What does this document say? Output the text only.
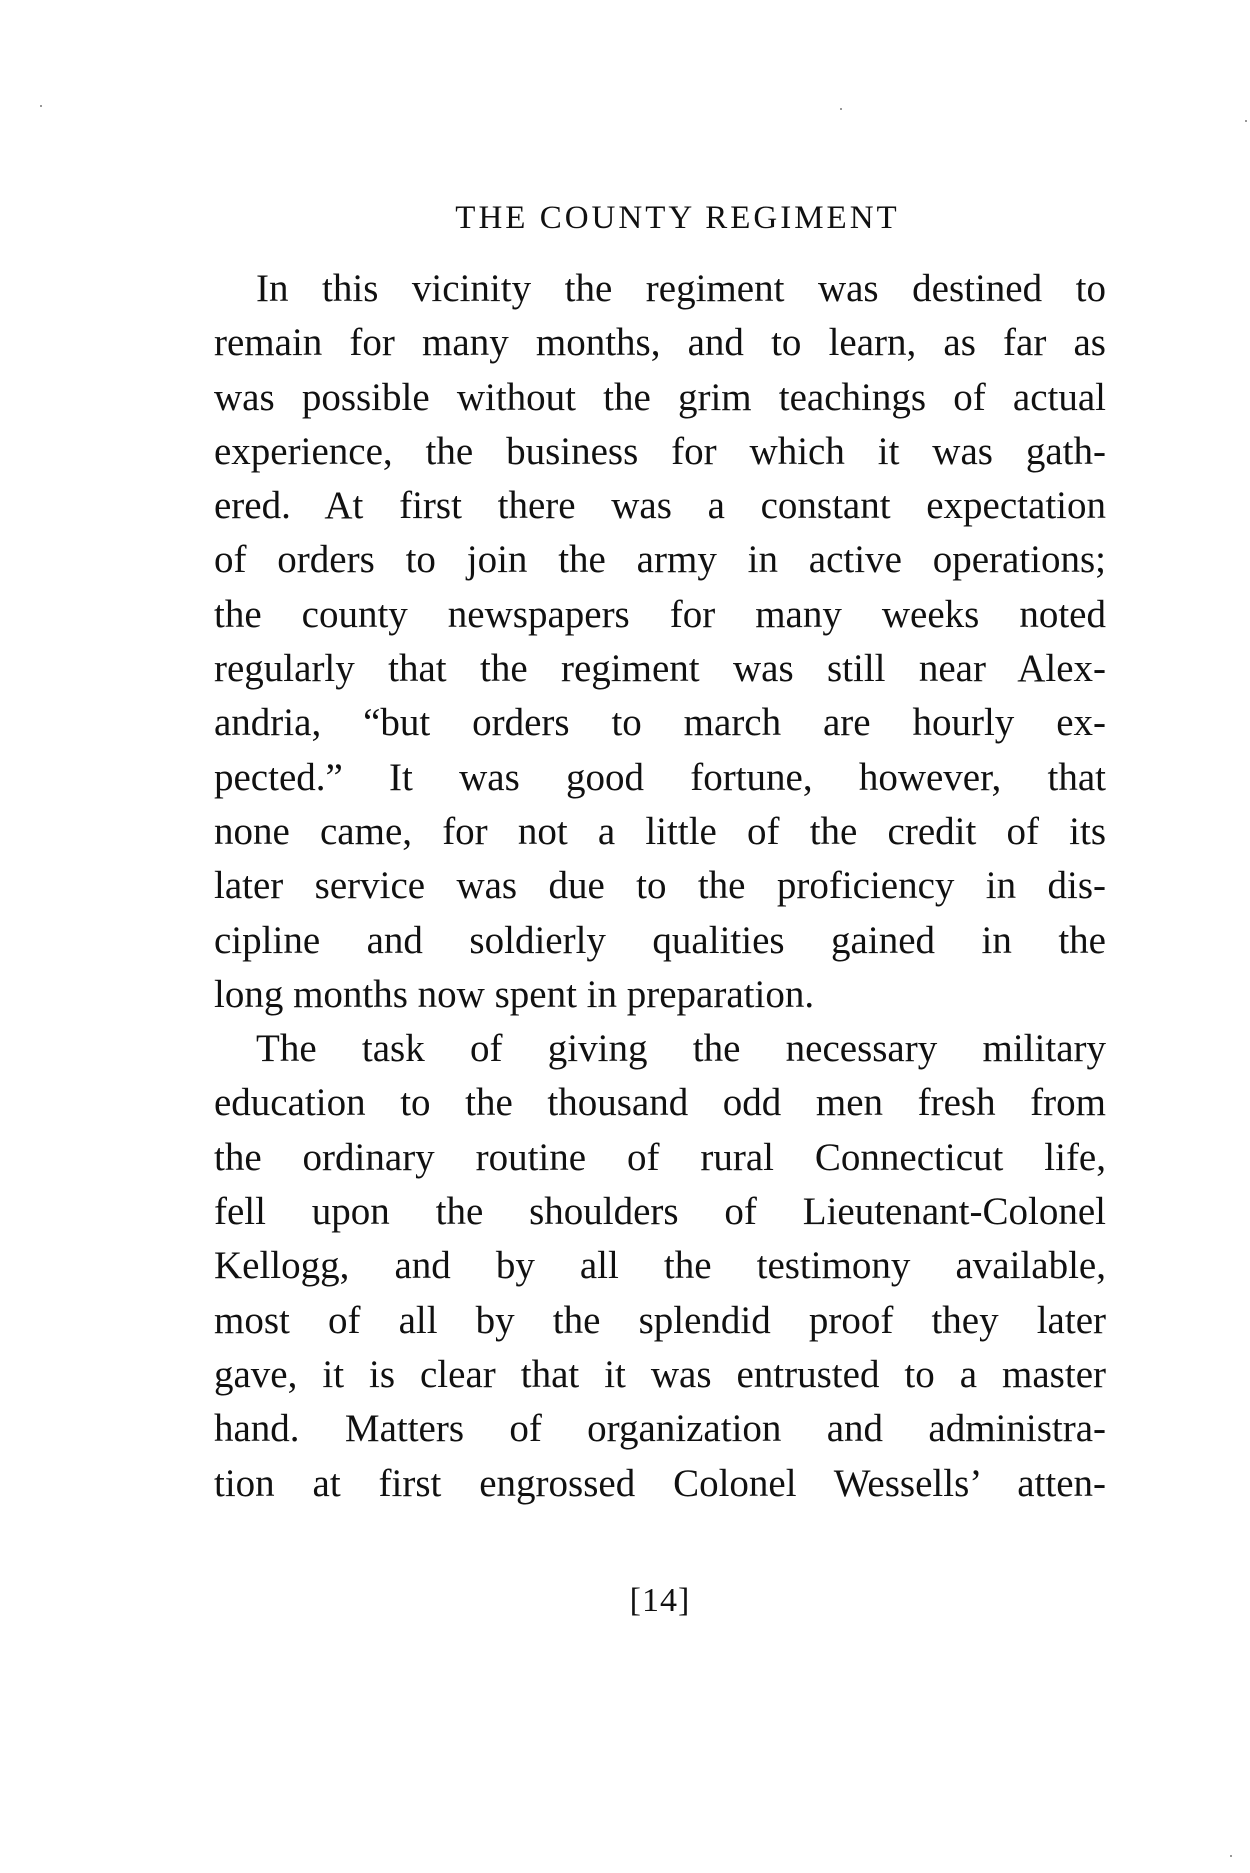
THE COUNTY REGIMENT
In this vicinity the regiment was destined to
remain for many months, and to learn, as far as
was possible without the grim teachings of actual
experience, the business for which it was gath-
ered. At first there was a constant expectation
of orders to join the army in active operations;
the county newspapers for many weeks noted
regularly that the regiment was still near Alex-
andria, “but orders to march are hourly ex-
pected.” It was good fortune, however, that
none came, for not a little of the credit of its
later service was due to the proficiency in dis-
cipline and soldierly qualities gained in the
long months now spent in preparation.
The task of giving the necessary military
education to the thousand odd men fresh from
the ordinary routine of rural Connecticut life,
fell upon the shoulders of Lieutenant-Colonel
Kellogg, and by all the testimony available,
most of all by the splendid proof they later
gave, it is clear that it was entrusted to a master
hand. Matters of organization and administra-
tion at first engrossed Colonel Wessells’ atten-
[14]
